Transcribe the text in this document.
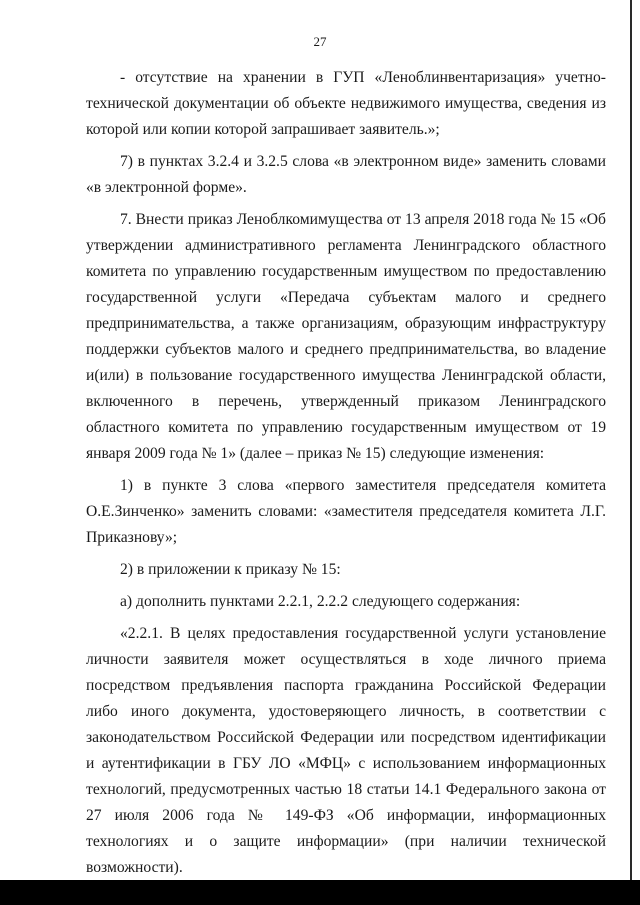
27

- отсутствие на хранении в ГУП «Леноблинвентаризация» учетно-технической документации об объекте недвижимого имущества, сведения из которой или копии которой запрашивает заявитель.»;

7) в пунктах 3.2.4 и 3.2.5 слова «в электронном виде» заменить словами «в электронной форме».

7. Внести приказ Леноблкомимущества от 13 апреля 2018 года № 15 «Об утверждении административного регламента Ленинградского областного комитета по управлению государственным имуществом по предоставлению государственной услуги «Передача субъектам малого и среднего предпринимательства, а также организациям, образующим инфраструктуру поддержки субъектов малого и среднего предпринимательства, во владение и(или) в пользование государственного имущества Ленинградской области, включенного в перечень, утвержденный приказом Ленинградского областного комитета по управлению государственным имуществом от 19 января 2009 года № 1» (далее – приказ № 15) следующие изменения:

1) в пункте 3 слова «первого заместителя председателя комитета О.Е.Зинченко» заменить словами: «заместителя председателя комитета Л.Г. Приказнову»;

2) в приложении к приказу № 15:

а) дополнить пунктами 2.2.1, 2.2.2 следующего содержания:

«2.2.1. В целях предоставления государственной услуги установление личности заявителя может осуществляться в ходе личного приема посредством предъявления паспорта гражданина Российской Федерации либо иного документа, удостоверяющего личность, в соответствии с законодательством Российской Федерации или посредством идентификации и аутентификации в ГБУ ЛО «МФЦ» с использованием информационных технологий, предусмотренных частью 18 статьи 14.1 Федерального закона от 27 июля 2006 года № 149-ФЗ «Об информации, информационных технологиях и о защите информации» (при наличии технической возможности).
